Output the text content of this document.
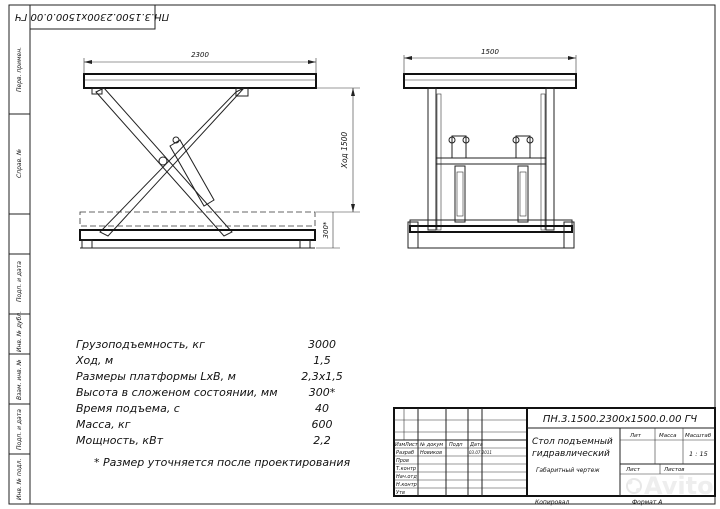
Перв. примен.
Справ. №
Подп. и дата
Инв. № дубл.
Взам. инв. №
Подп. и дата
Инв. № подл.
ПН.3.1500.2300x1500.0.00 ГЧ
2300
Ход 1500
300*
1500
Грузоподъемность, кг	3000
Ход, м	1,5
Размеры платформы LxB, м	2,3x1,5
Высота в сложеном состоянии, мм	300*
Время подъема, с	40
Масса, кг	600
Мощность, кВт	2,2
* Размер уточняется после проектирования
Изм Лист № докум Подп Дата
Разраб Новиков	03.07.2011
Пров
Т.контр
Нач.отд
Н.контр
Утв
ПН.3.1500.2300x1500.0.00 ГЧ
Стол подъемный
гидравлический
Габаритный чертеж
Лит	Масса Масштаб
1 : 15
Лист	Листов
Копировал	Формат A
Avito
